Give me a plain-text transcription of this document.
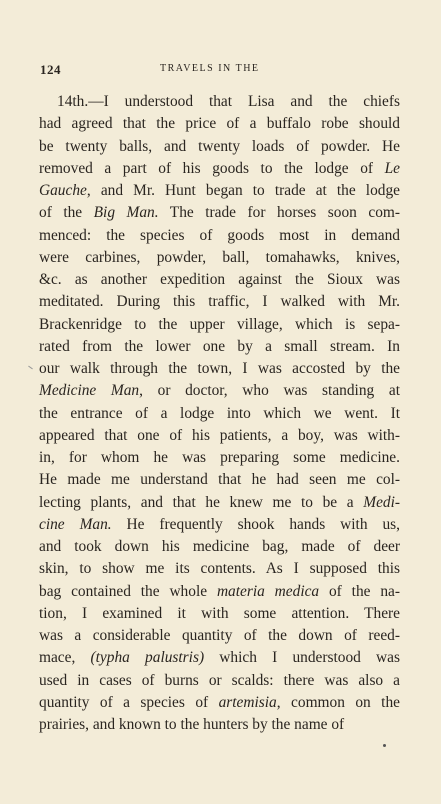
124	TRAVELS IN THE
14th.—I understood that Lisa and the chiefs
had agreed that the price of a buffalo robe should
be twenty balls, and twenty loads of powder. He
removed a part of his goods to the lodge of Le
Gauche, and Mr. Hunt began to trade at the lodge
of the Big Man. The trade for horses soon com-
menced: the species of goods most in demand
were carbines, powder, ball, tomahawks, knives,
&c. as another expedition against the Sioux was
meditated. During this traffic, I walked with Mr.
Brackenridge to the upper village, which is sepa-
rated from the lower one by a small stream. In
our walk through the town, I was accosted by the
Medicine Man, or doctor, who was standing at
the entrance of a lodge into which we went. It
appeared that one of his patients, a boy, was with-
in, for whom he was preparing some medicine.
He made me understand that he had seen me col-
lecting plants, and that he knew me to be a Medi-
cine Man. He frequently shook hands with us,
and took down his medicine bag, made of deer
skin, to show me its contents. As I supposed this
bag contained the whole materia medica of the na-
tion, I examined it with some attention. There
was a considerable quantity of the down of reed-
mace, (typha palustris) which I understood was
used in cases of burns or scalds: there was also a
quantity of a species of artemisia, common on the
prairies, and known to the hunters by the name of
